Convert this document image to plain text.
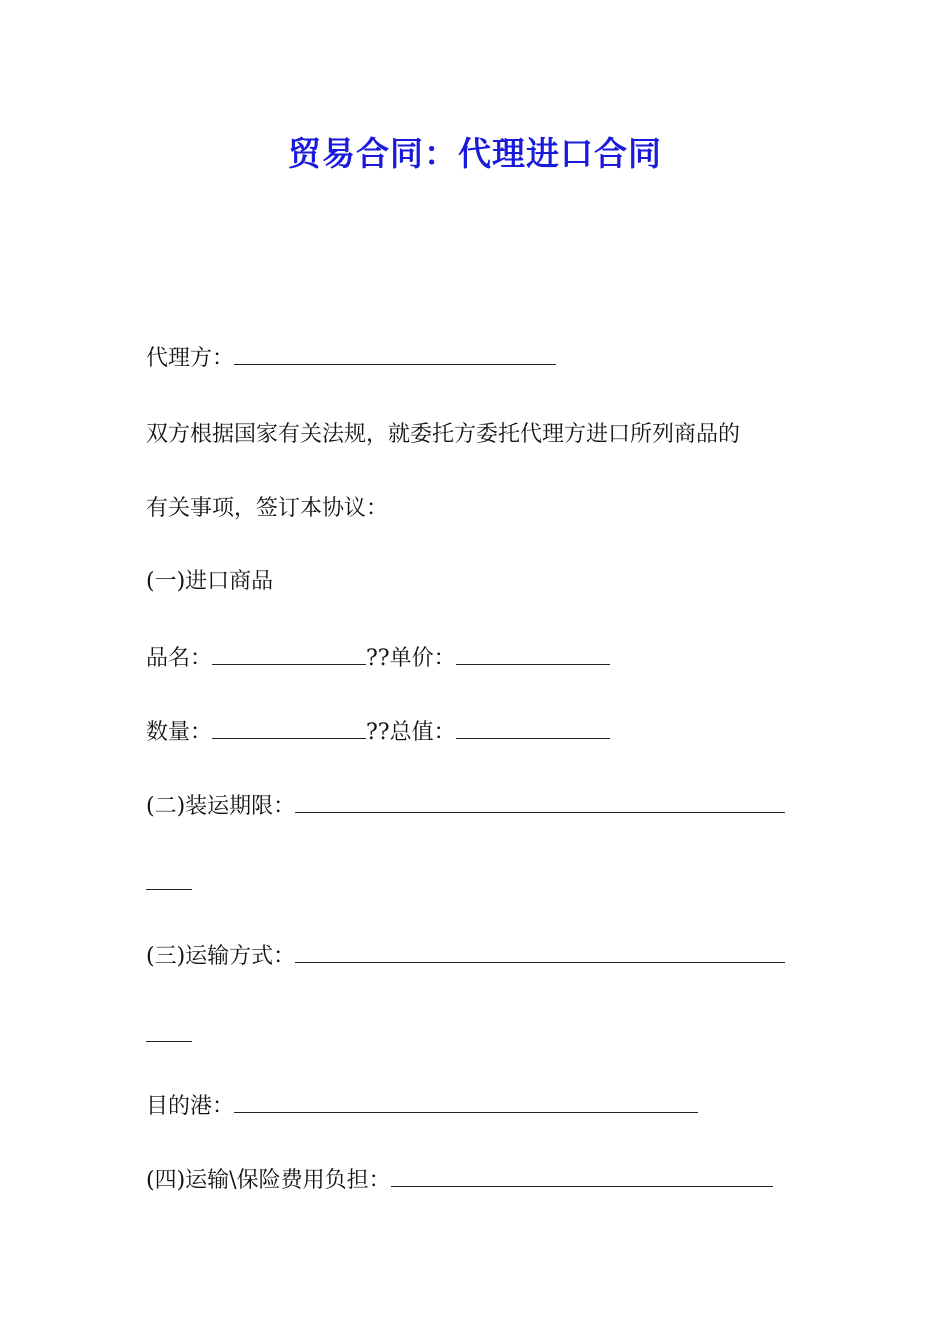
贸易合同：代理进口合同
代理方：
双方根据国家有关法规，就委托方委托代理方进口所列商品的
有关事项，签订本协议：
(一)进口商品
品名：	??单价：
数量：	??总值：
(二)装运期限：
(三)运输方式：
目的港：
(四)运输\保险费用负担：
